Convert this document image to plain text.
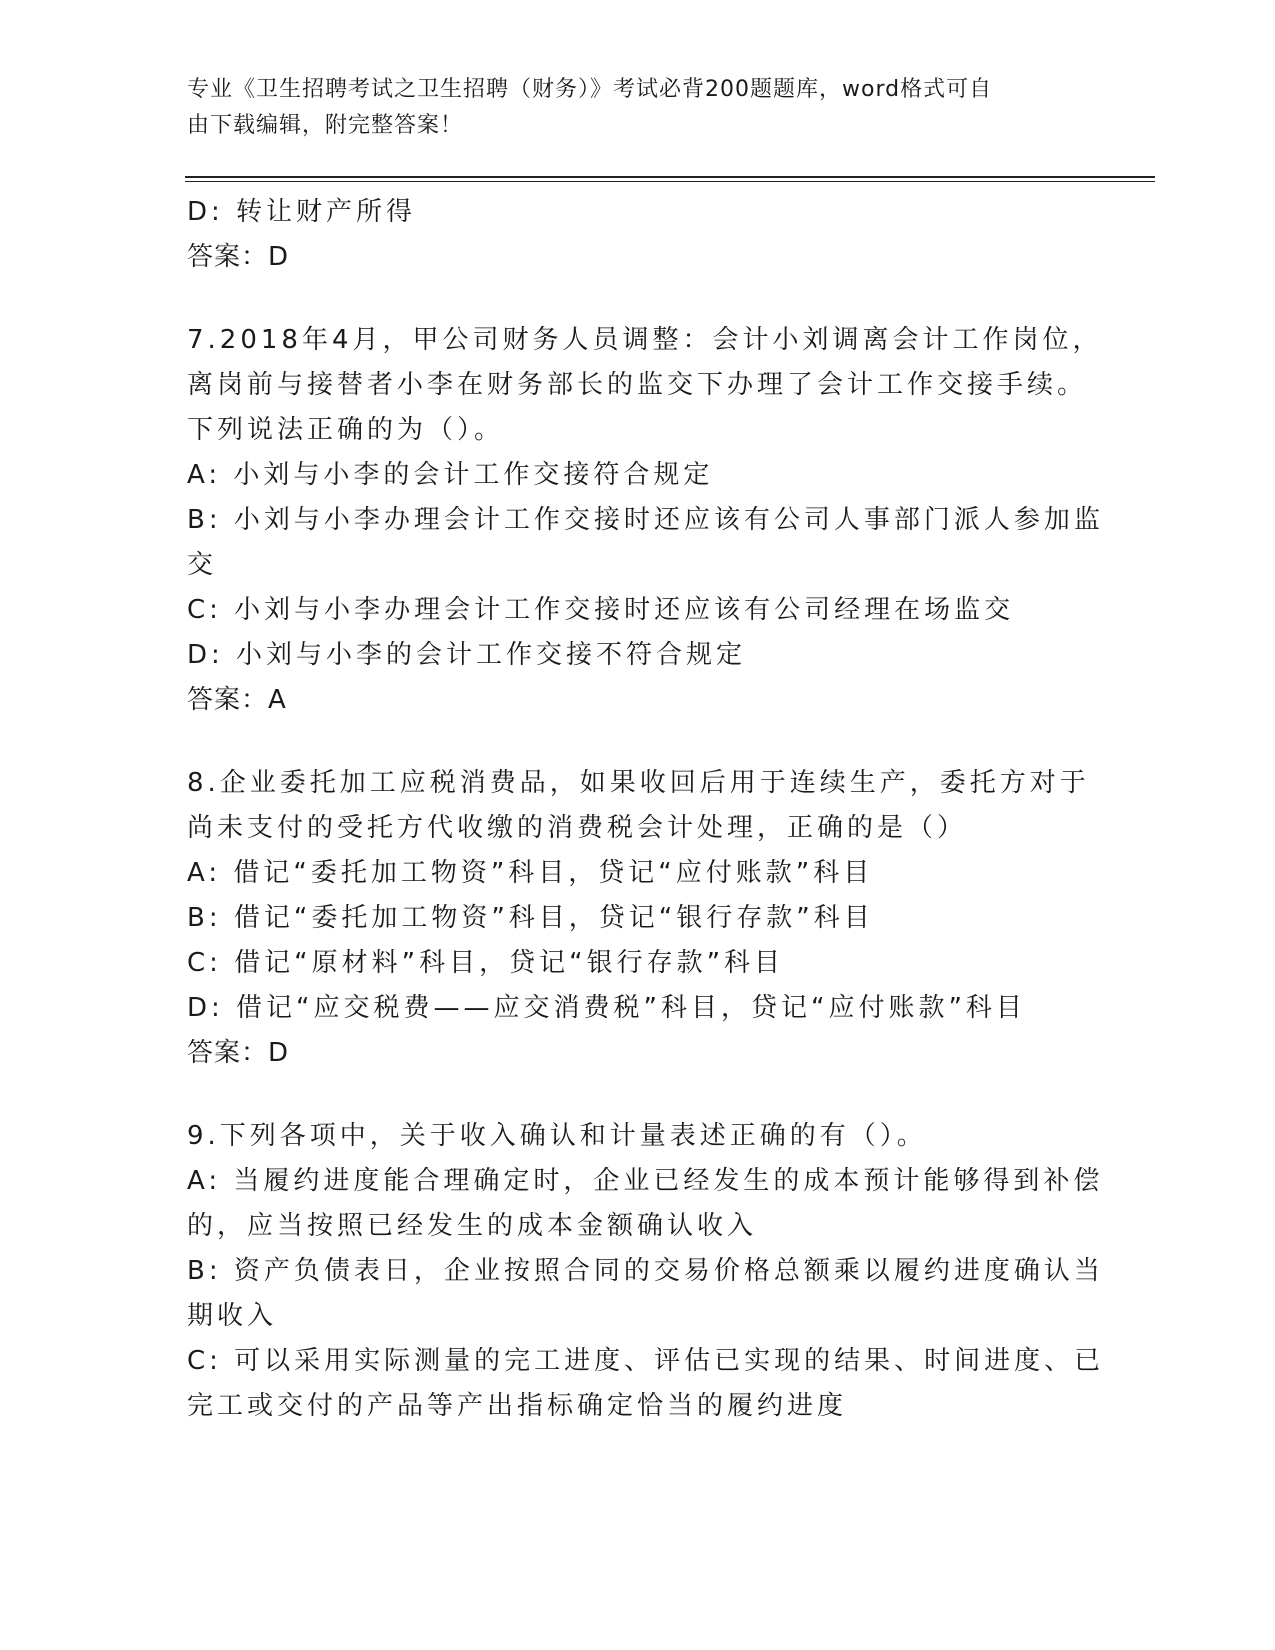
专业《卫生招聘考试之卫生招聘（财务）》考试必背200题题库，word格式可自
由下载编辑，附完整答案！
D: 转让财产所得
答案：D
7.2018年4月，甲公司财务人员调整：会计小刘调离会计工作岗位，
离岗前与接替者小李在财务部长的监交下办理了会计工作交接手续。
下列说法正确的为（）。
A: 小刘与小李的会计工作交接符合规定
B: 小刘与小李办理会计工作交接时还应该有公司人事部门派人参加监
交
C: 小刘与小李办理会计工作交接时还应该有公司经理在场监交
D: 小刘与小李的会计工作交接不符合规定
答案：A
8.企业委托加工应税消费品，如果收回后用于连续生产，委托方对于
尚未支付的受托方代收缴的消费税会计处理，正确的是（）
A: 借记“委托加工物资”科目，贷记“应付账款”科目
B: 借记“委托加工物资”科目，贷记“银行存款”科目
C: 借记“原材料”科目，贷记“银行存款”科目
D: 借记“应交税费——应交消费税”科目，贷记“应付账款”科目
答案：D
9.下列各项中，关于收入确认和计量表述正确的有（）。
A: 当履约进度能合理确定时，企业已经发生的成本预计能够得到补偿
的，应当按照已经发生的成本金额确认收入
B: 资产负债表日，企业按照合同的交易价格总额乘以履约进度确认当
期收入
C: 可以采用实际测量的完工进度、评估已实现的结果、时间进度、已
完工或交付的产品等产出指标确定恰当的履约进度
